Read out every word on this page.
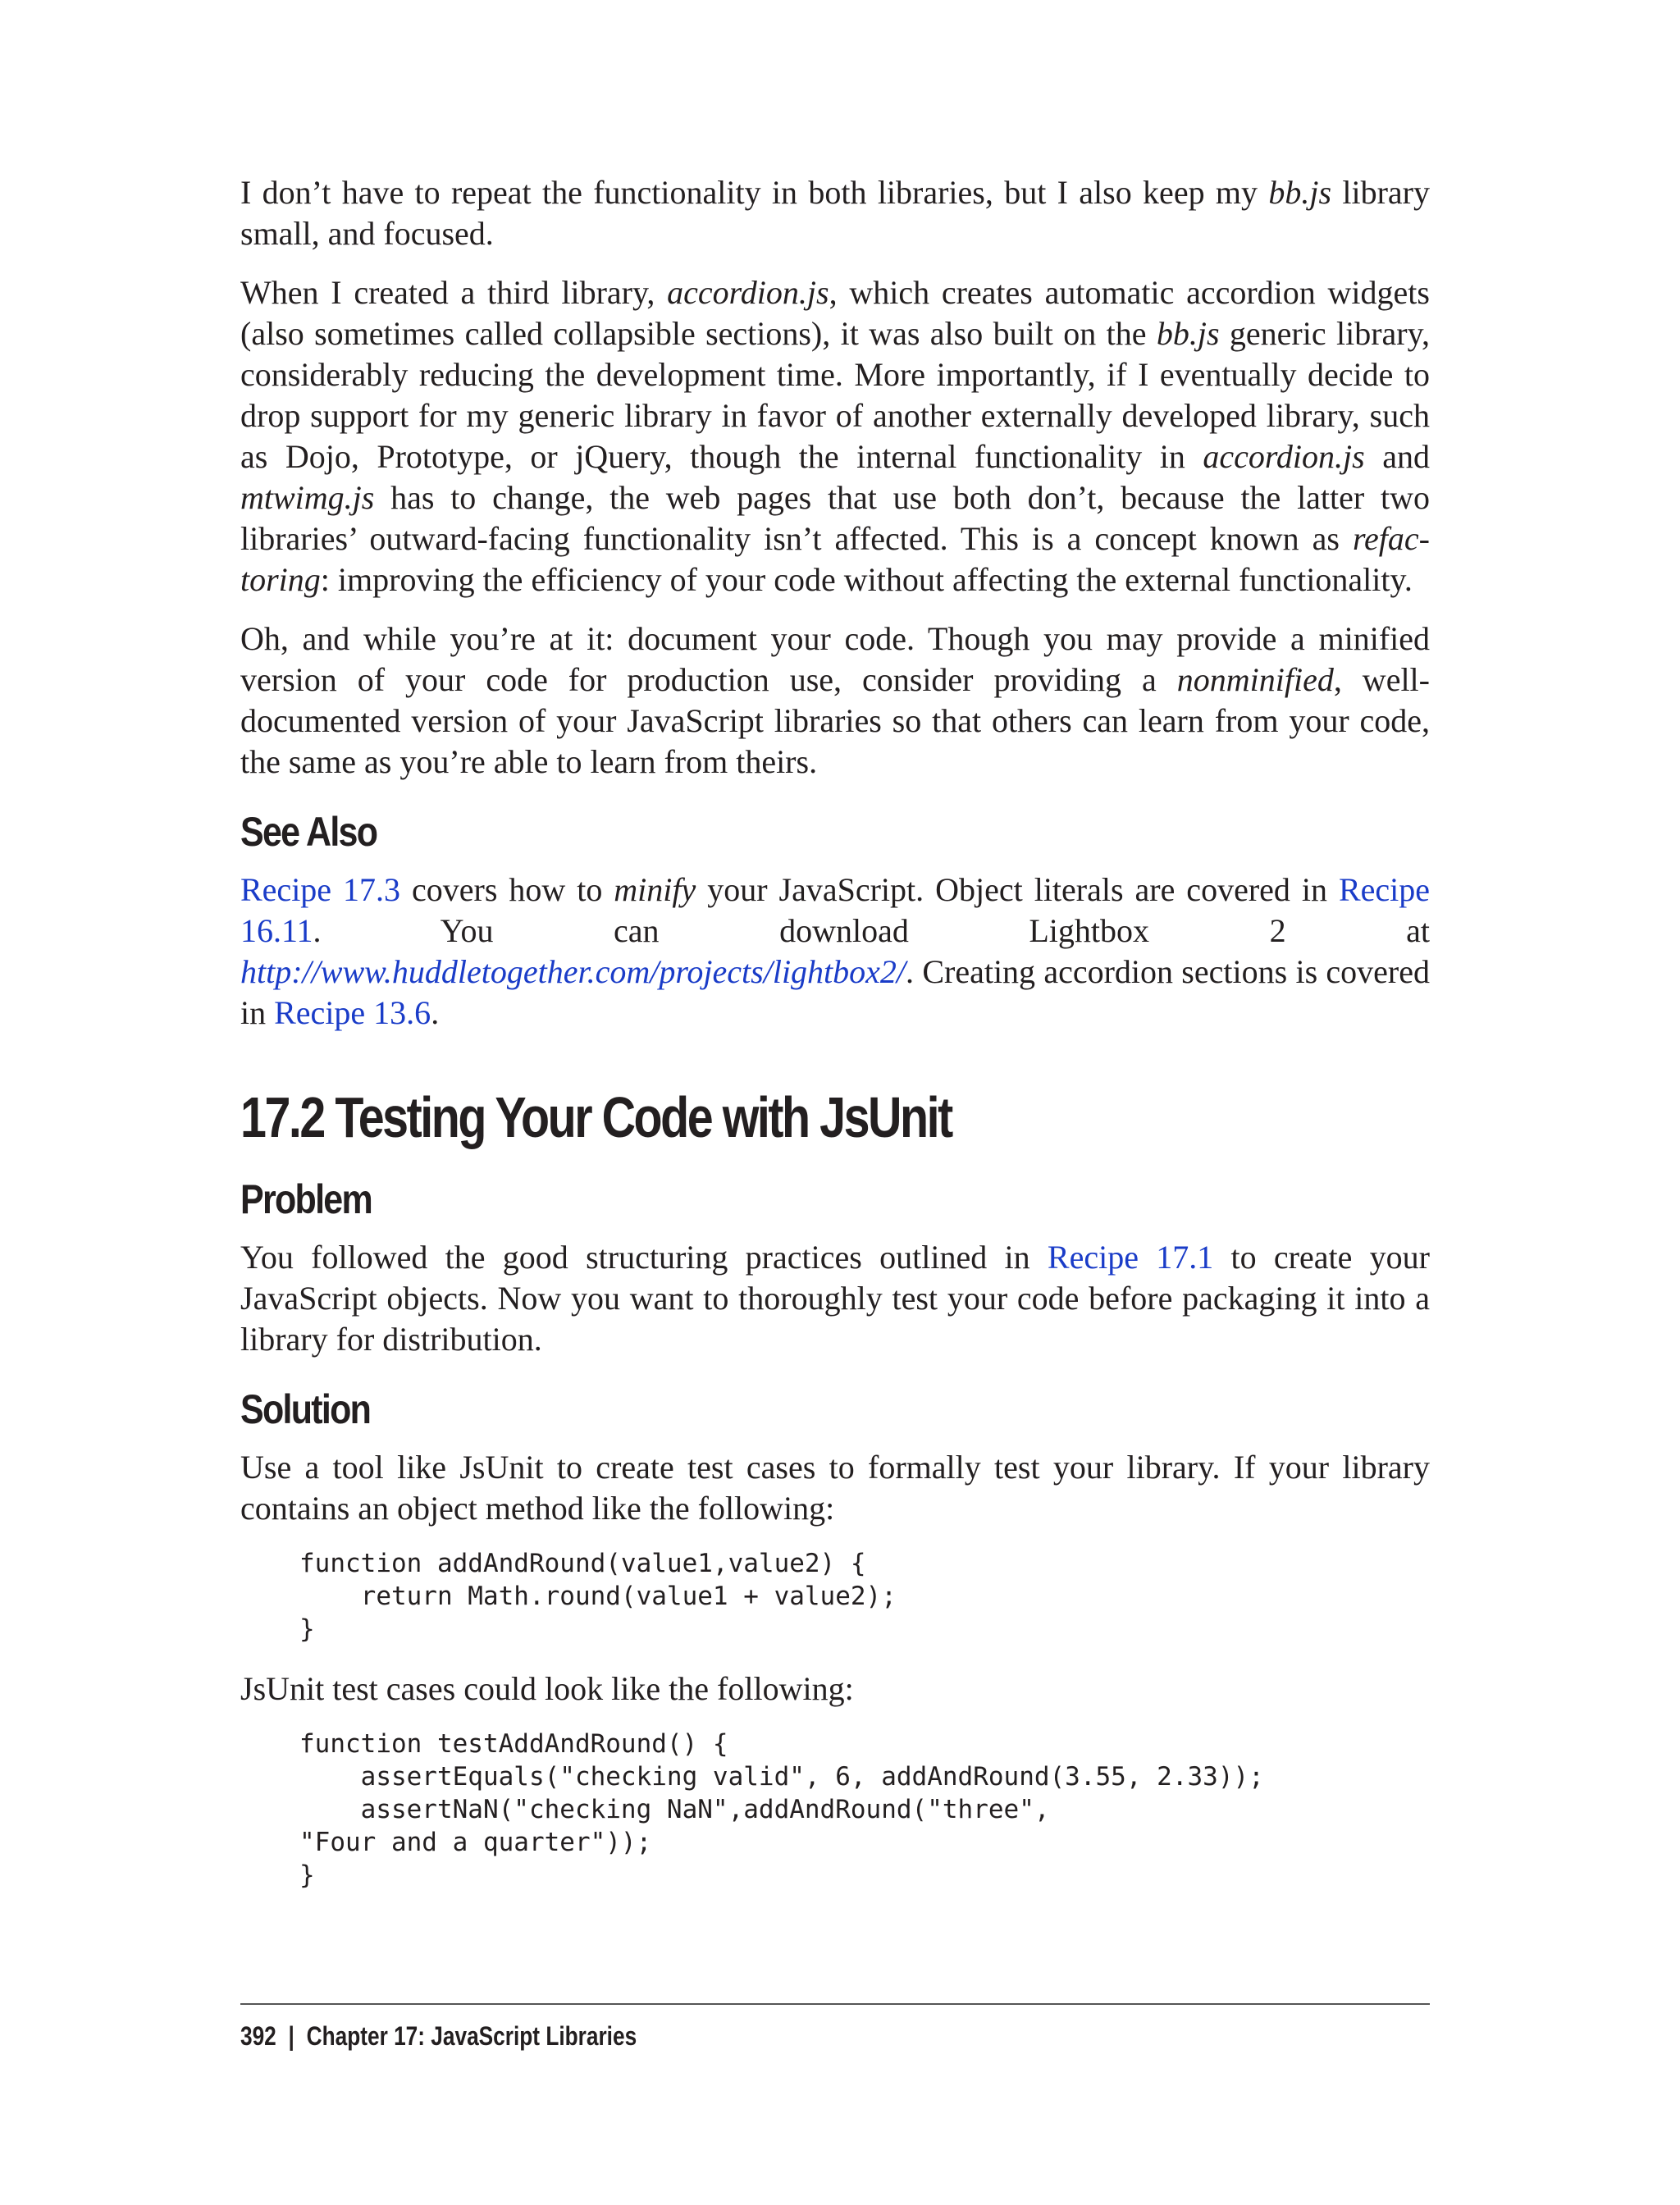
I don’t have to repeat the functionality in both libraries, but I also keep my bb.js library small, and focused.

When I created a third library, accordion.js, which creates automatic accordion widgets (also sometimes called collapsible sections), it was also built on the bb.js generic library, considerably reducing the development time. More importantly, if I eventually decide to drop support for my generic library in favor of another externally developed library, such as Dojo, Prototype, or jQuery, though the internal functionality in accordion.js and mtwimg.js has to change, the web pages that use both don’t, because the latter two libraries’ outward-facing functionality isn’t affected. This is a concept known as refactoring: improving the efficiency of your code without affecting the external functionality.

Oh, and while you’re at it: document your code. Though you may provide a minified version of your code for production use, consider providing a nonminified, well-documented version of your JavaScript libraries so that others can learn from your code, the same as you’re able to learn from theirs.

See Also

Recipe 17.3 covers how to minify your JavaScript. Object literals are covered in Recipe 16.11. You can download Lightbox 2 at http://www.huddletogether.com/projects/lightbox2/. Creating accordion sections is covered in Recipe 13.6.

17.2 Testing Your Code with JsUnit
Problem

You followed the good structuring practices outlined in Recipe 17.1 to create your JavaScript objects. Now you want to thoroughly test your code before packaging it into a library for distribution.

Solution

Use a tool like JsUnit to create test cases to formally test your library. If your library contains an object method like the following:

function addAndRound(value1,value2) {
return Math.round(value1 + value2);
}

JsUnit test cases could look like the following:

function testAddAndRound() {
assertEquals("checking valid", 6, addAndRound(3.55, 2.33));
assertNaN("checking NaN",addAndRound("three",
"Four and a quarter"));
}
392 | Chapter 17: JavaScript Libraries
